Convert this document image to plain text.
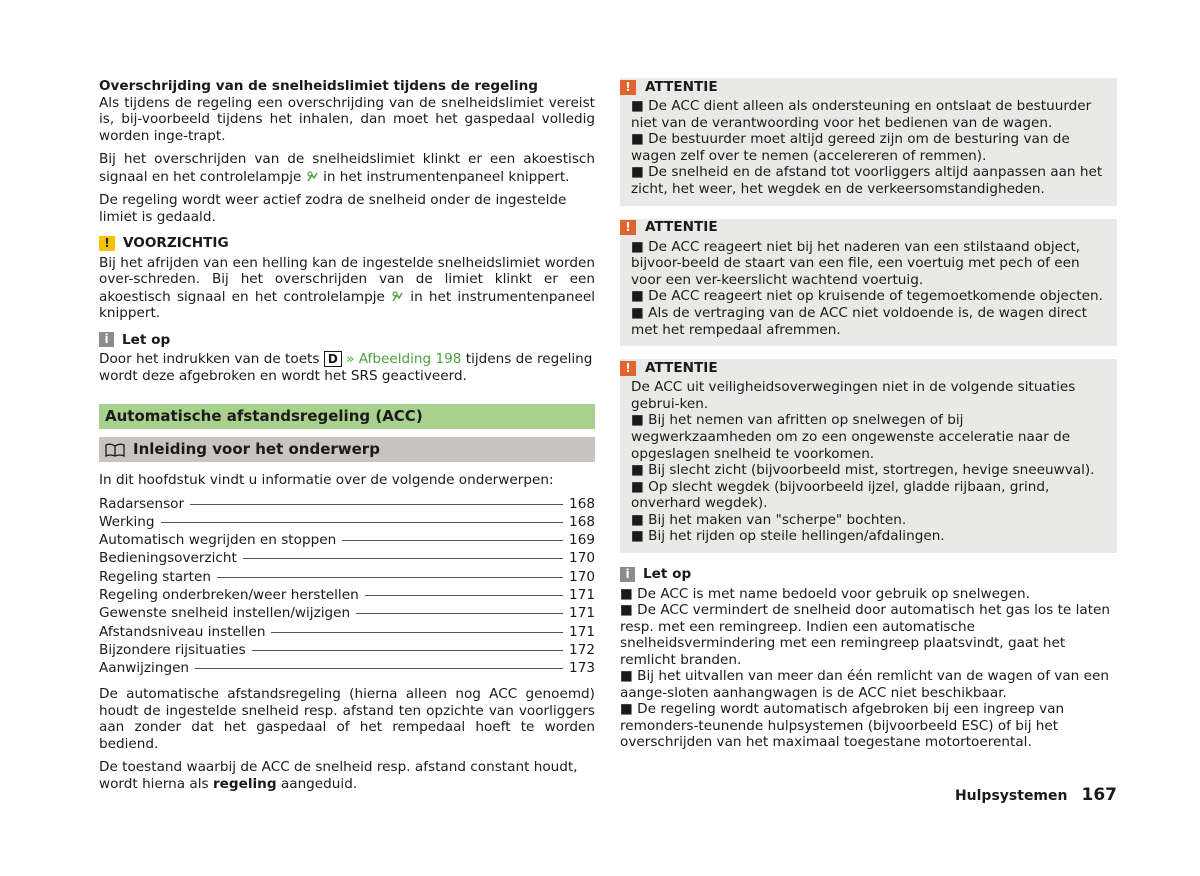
Overschrijding van de snelheidslimiet tijdens de regeling

Als tijdens de regeling een overschrijding van de snelheidslimiet vereist is, bij-voorbeeld tijdens het inhalen, dan moet het gaspedaal volledig worden inge-trapt.

Bij het overschrijden van de snelheidslimiet klinkt er een akoestisch signaal en het controlelampje in het instrumentenpaneel knippert.

De regeling wordt weer actief zodra de snelheid onder de ingestelde limiet is gedaald.

!
VOORZICHTIG

Bij het afrijden van een helling kan de ingestelde snelheidslimiet worden over-schreden. Bij het overschrijden van de limiet klinkt er een akoestisch signaal en het controlelampje in het instrumentenpaneel knippert.

i
Let op

Door het indrukken van de toets D » Afbeelding 198 tijdens de regeling wordt deze afgebroken en wordt het SRS geactiveerd.

Automatische afstandsregeling (ACC)
Inleiding voor het onderwerp

In dit hoofdstuk vindt u informatie over de volgende onderwerpen:

Radarsensor	168
Werking	168
Automatisch wegrijden en stoppen	169
Bedieningsoverzicht	170
Regeling starten	170
Regeling onderbreken/weer herstellen	171
Gewenste snelheid instellen/wijzigen	171
Afstandsniveau instellen	171
Bijzondere rijsituaties	172
Aanwijzingen	173

De automatische afstandsregeling (hierna alleen nog ACC genoemd) houdt de ingestelde snelheid resp. afstand ten opzichte van voorliggers aan zonder dat het gaspedaal of het rempedaal hoeft te worden bediend.

De toestand waarbij de ACC de snelheid resp. afstand constant houdt, wordt hierna als regeling aangeduid.

!
ATTENTIE

■ De ACC dient alleen als ondersteuning en ontslaat de bestuurder niet van de verantwoording voor het bedienen van de wagen.

■ De bestuurder moet altijd gereed zijn om de besturing van de wagen zelf over te nemen (accelereren of remmen).

■ De snelheid en de afstand tot voorliggers altijd aanpassen aan het zicht, het weer, het wegdek en de verkeersomstandigheden.

!
ATTENTIE

■ De ACC reageert niet bij het naderen van een stilstaand object, bijvoor-beeld de staart van een file, een voertuig met pech of een voor een ver-keerslicht wachtend voertuig.

■ De ACC reageert niet op kruisende of tegemoetkomende objecten.

■ Als de vertraging van de ACC niet voldoende is, de wagen direct met het rempedaal afremmen.

!
ATTENTIE

De ACC uit veiligheidsoverwegingen niet in de volgende situaties gebrui-ken.

■ Bij het nemen van afritten op snelwegen of bij wegwerkzaamheden om zo een ongewenste acceleratie naar de opgeslagen snelheid te voorkomen.

■ Bij slecht zicht (bijvoorbeeld mist, stortregen, hevige sneeuwval).

■ Op slecht wegdek (bijvoorbeeld ijzel, gladde rijbaan, grind, onverhard wegdek).

■ Bij het maken van "scherpe" bochten.

■ Bij het rijden op steile hellingen/afdalingen.

i
Let op

■ De ACC is met name bedoeld voor gebruik op snelwegen.

■ De ACC vermindert de snelheid door automatisch het gas los te laten resp. met een remingreep. Indien een automatische snelheidsvermindering met een remingreep plaatsvindt, gaat het remlicht branden.

■ Bij het uitvallen van meer dan één remlicht van de wagen of van een aange-sloten aanhangwagen is de ACC niet beschikbaar.

■ De regeling wordt automatisch afgebroken bij een ingreep van remonders-teunende hulpsystemen (bijvoorbeeld ESC) of bij het overschrijden van het maximaal toegestane motortoerental.

Hulpsystemen 167
